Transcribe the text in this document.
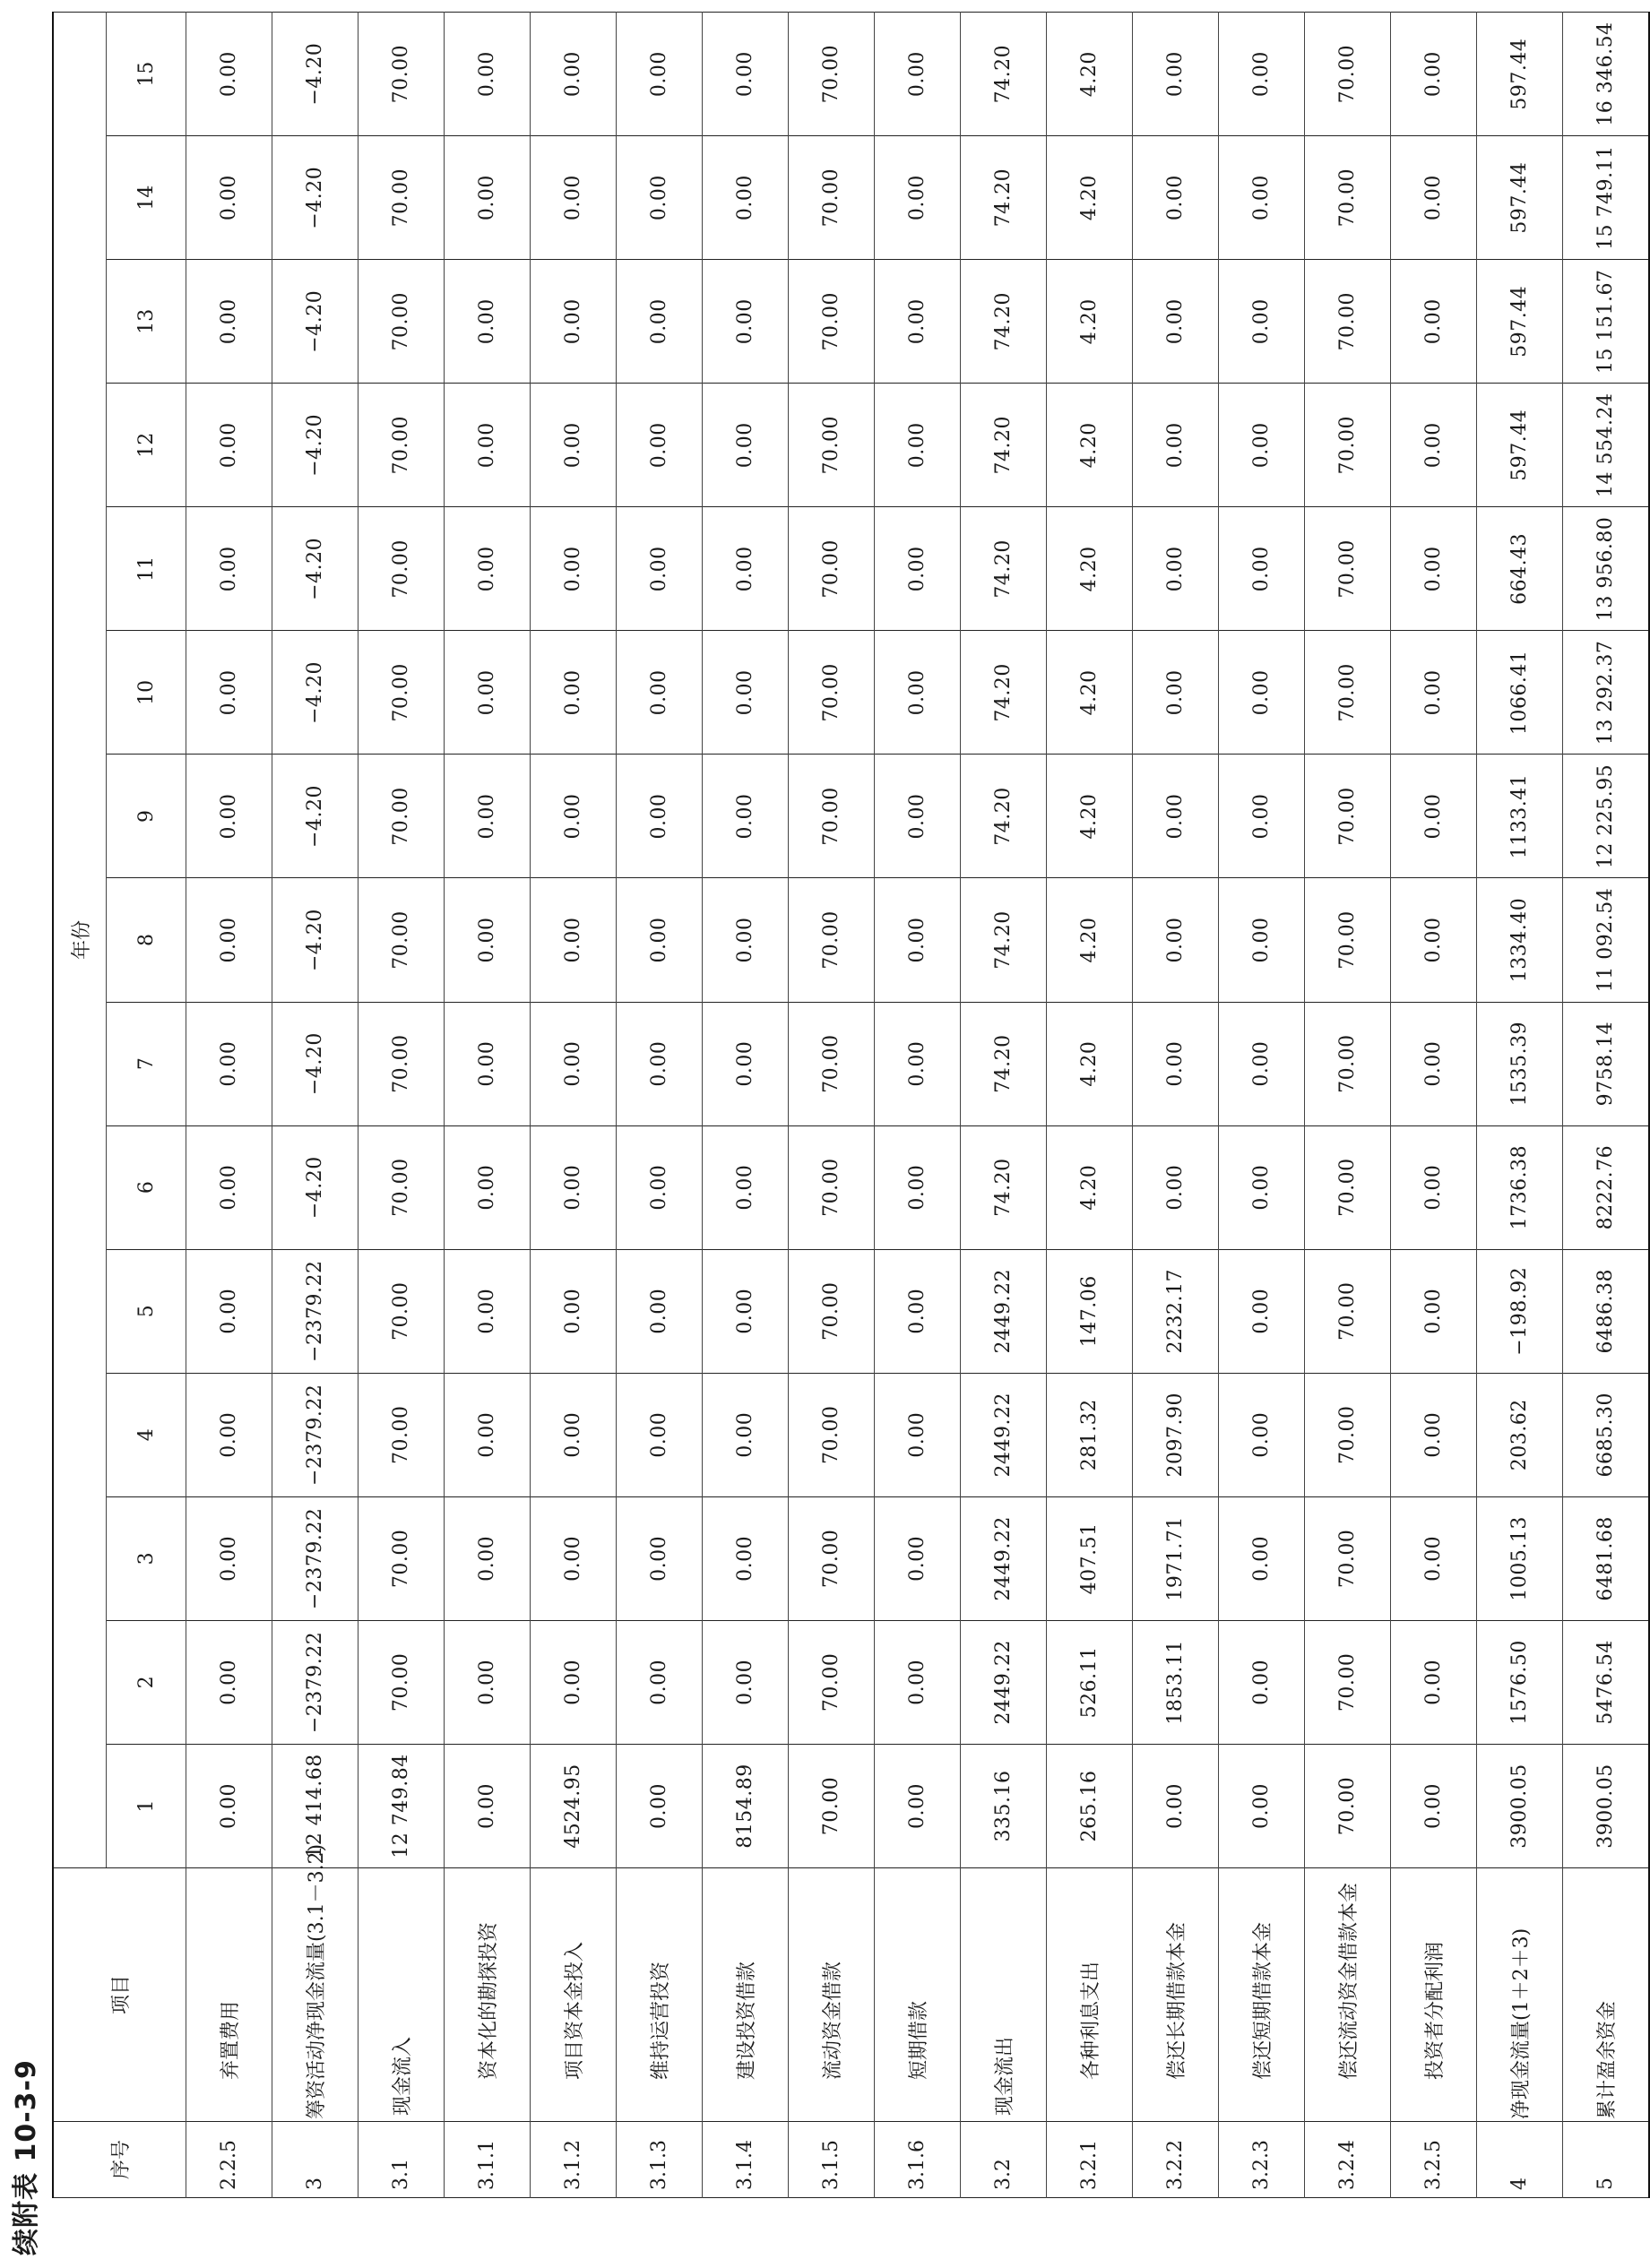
续附表 10-3-9	序号	项目	年份														
		1	2	3	4	5	6	7	8	9	10	11	12	13	14	15
2.2.5	弃置费用	0.00	0.00	0.00	0.00	0.00	0.00	0.00	0.00	0.00	0.00	0.00	0.00	0.00	0.00	0.00
3	筹资活动净现金流量(3.1－3.2)	12 414.68	−2379.22	−2379.22	−2379.22	−2379.22	−4.20	−4.20	−4.20	−4.20	−4.20	−4.20	−4.20	−4.20	−4.20	−4.20
3.1	现金流入	12 749.84	70.00	70.00	70.00	70.00	70.00	70.00	70.00	70.00	70.00	70.00	70.00	70.00	70.00	70.00
3.1.1	资本化的勘探投资	0.00	0.00	0.00	0.00	0.00	0.00	0.00	0.00	0.00	0.00	0.00	0.00	0.00	0.00	0.00
3.1.2	项目资本金投入	4524.95	0.00	0.00	0.00	0.00	0.00	0.00	0.00	0.00	0.00	0.00	0.00	0.00	0.00	0.00
3.1.3	维持运营投资	0.00	0.00	0.00	0.00	0.00	0.00	0.00	0.00	0.00	0.00	0.00	0.00	0.00	0.00	0.00
3.1.4	建设投资借款	8154.89	0.00	0.00	0.00	0.00	0.00	0.00	0.00	0.00	0.00	0.00	0.00	0.00	0.00	0.00
3.1.5	流动资金借款	70.00	70.00	70.00	70.00	70.00	70.00	70.00	70.00	70.00	70.00	70.00	70.00	70.00	70.00	70.00
3.1.6	短期借款	0.00	0.00	0.00	0.00	0.00	0.00	0.00	0.00	0.00	0.00	0.00	0.00	0.00	0.00	0.00
3.2	现金流出	335.16	2449.22	2449.22	2449.22	2449.22	74.20	74.20	74.20	74.20	74.20	74.20	74.20	74.20	74.20	74.20
3.2.1	各种利息支出	265.16	526.11	407.51	281.32	147.06	4.20	4.20	4.20	4.20	4.20	4.20	4.20	4.20	4.20	4.20
3.2.2	偿还长期借款本金	0.00	1853.11	1971.71	2097.90	2232.17	0.00	0.00	0.00	0.00	0.00	0.00	0.00	0.00	0.00	0.00
3.2.3	偿还短期借款本金	0.00	0.00	0.00	0.00	0.00	0.00	0.00	0.00	0.00	0.00	0.00	0.00	0.00	0.00	0.00
3.2.4	偿还流动资金借款本金	70.00	70.00	70.00	70.00	70.00	70.00	70.00	70.00	70.00	70.00	70.00	70.00	70.00	70.00	70.00
3.2.5	投资者分配利润	0.00	0.00	0.00	0.00	0.00	0.00	0.00	0.00	0.00	0.00	0.00	0.00	0.00	0.00	0.00
4	净现金流量(1＋2＋3)	3900.05	1576.50	1005.13	203.62	−198.92	1736.38	1535.39	1334.40	1133.41	1066.41	664.43	597.44	597.44	597.44	597.44
5	累计盈余资金	3900.05	5476.54	6481.68	6685.30	6486.38	8222.76	9758.14	11 092.54	12 225.95	13 292.37	13 956.80	14 554.24	15 151.67	15 749.11	16 346.54
